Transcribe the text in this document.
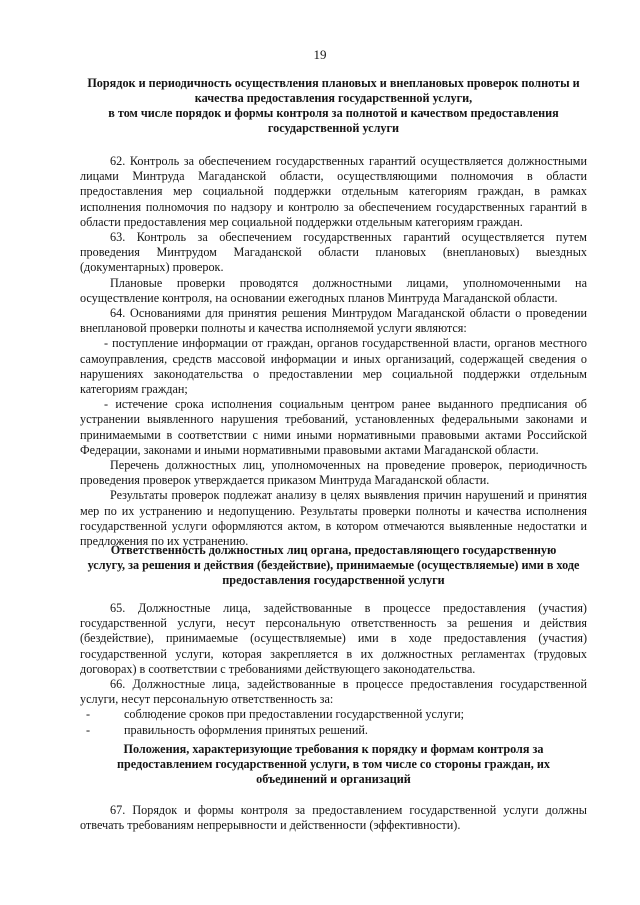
19
Порядок и периодичность осуществления плановых и внеплановых проверок полноты и
качества предоставления государственной услуги,
в том числе порядок и формы контроля за полнотой и качеством предоставления
государственной услуги

62. Контроль за обеспечением государственных гарантий осуществляется должностными лицами Минтруда Магаданской области, осуществляющими полномочия в области предоставления мер социальной поддержки отдельным категориям граждан, в рамках исполнения полномочия по надзору и контролю за обеспечением государственных гарантий в области предоставления мер социальной поддержки отдельным категориям граждан.

63. Контроль за обеспечением государственных гарантий осуществляется путем проведения Минтрудом Магаданской области плановых (внеплановых) выездных (документарных) проверок.

Плановые проверки проводятся должностными лицами, уполномоченными на осуществление контроля, на основании ежегодных планов Минтруда Магаданской области.

64. Основаниями для принятия решения Минтрудом Магаданской области о проведении внеплановой проверки полноты и качества исполняемой услуги являются:

- поступление информации от граждан, органов государственной власти, органов местного самоуправления, средств массовой информации и иных организаций, содержащей сведения о нарушениях законодательства о предоставлении мер социальной поддержки отдельным категориям граждан;

- истечение срока исполнения социальным центром ранее выданного предписания об устранении выявленного нарушения требований, установленных федеральными законами и принимаемыми в соответствии с ними иными нормативными правовыми актами Российской Федерации, законами и иными нормативными правовыми актами Магаданской области.

Перечень должностных лиц, уполномоченных на проведение проверок, периодичность проведения проверок утверждается приказом Минтруда Магаданской области.

Результаты проверок подлежат анализу в целях выявления причин нарушений и принятия мер по их устранению и недопущению. Результаты проверки полноты и качества исполнения государственной услуги оформляются актом, в котором отмечаются выявленные недостатки и предложения по их устранению.

Ответственность должностных лиц органа, предоставляющего государственную
услугу, за решения и действия (бездействие), принимаемые (осуществляемые) ими в ходе
предоставления государственной услуги

65. Должностные лица, задействованные в процессе предоставления (участия) государственной услуги, несут персональную ответственность за решения и действия (бездействие), принимаемые (осуществляемые) ими в ходе предоставления (участия) государственной услуги, которая закрепляется в их должностных регламентах (трудовых договорах) в соответствии с требованиями действующего законодательства.

66. Должностные лица, задействованные в процессе предоставления государственной услуги, несут персональную ответственность за:

-	соблюдение сроков при предоставлении государственной услуги;
-	правильность оформления принятых решений.
Положения, характеризующие требования к порядку и формам контроля за
предоставлением государственной услуги, в том числе со стороны граждан, их
объединений и организаций

67. Порядок и формы контроля за предоставлением государственной услуги должны отвечать требованиям непрерывности и действенности (эффективности).
